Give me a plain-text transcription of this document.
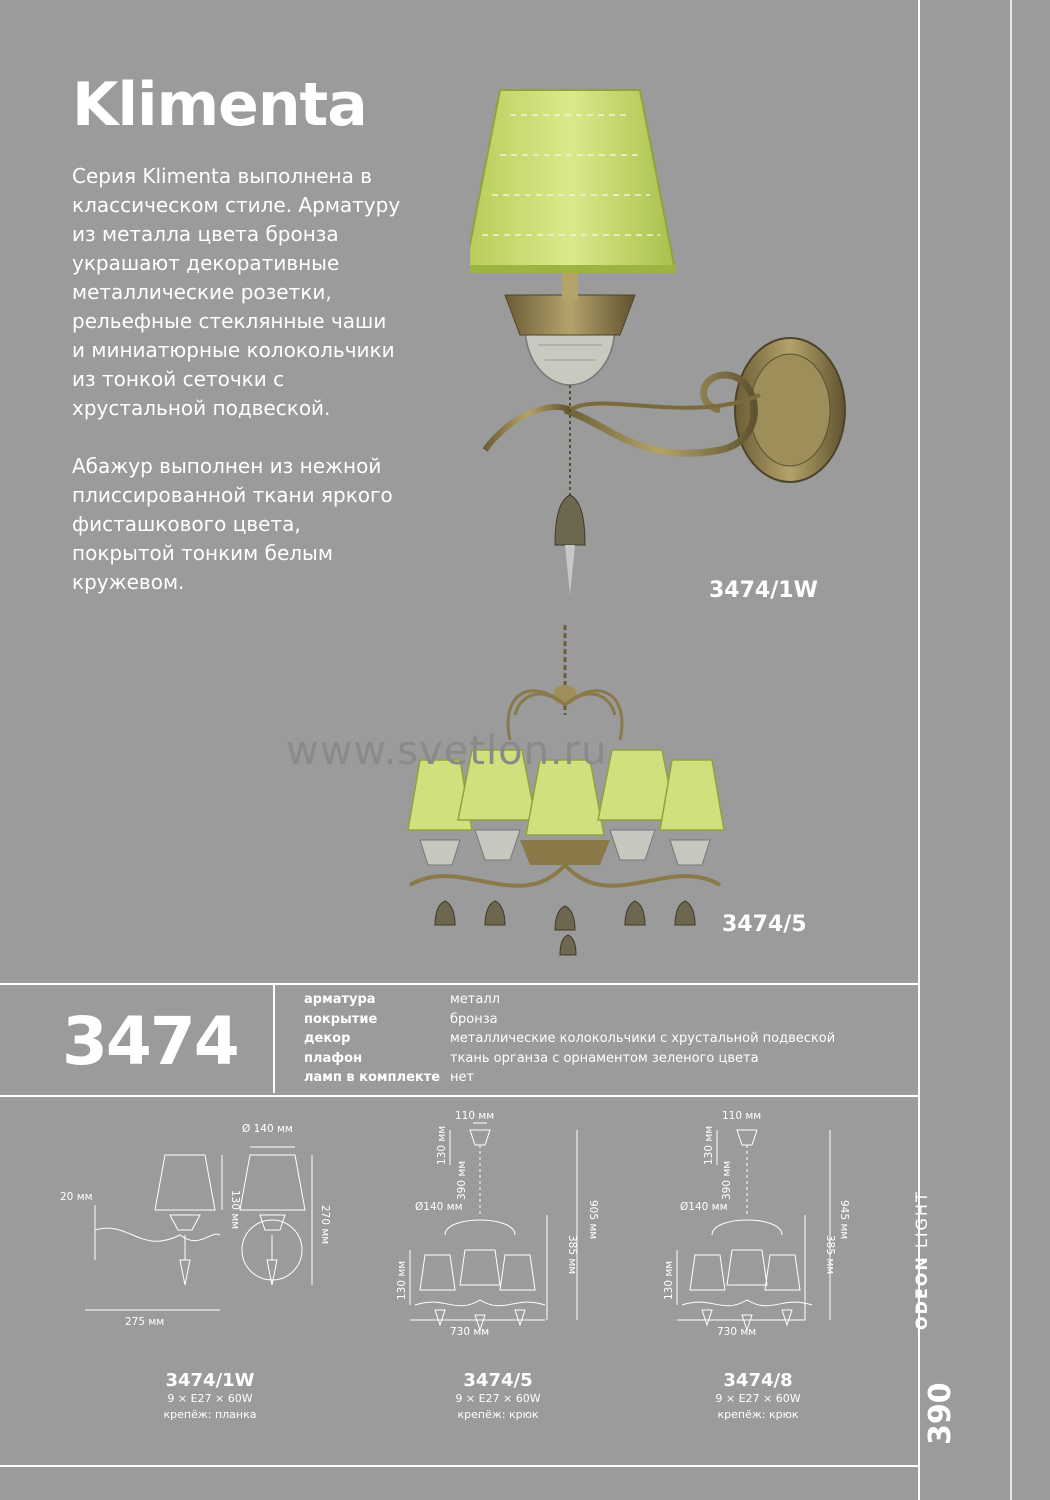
Klimenta

Серия Klimenta выполнена в классическом стиле. Арматуру из металла цвета бронза украшают декоративные металлические розетки, рельефные стеклянные чаши и миниатюрные колокольчики из тонкой сеточки с хрустальной подвеской.

Абажур выполнен из нежной плиссированной ткани яркого фисташкового цвета, покрытой тонким белым кружевом.	3474/1W
www.svetlon.ru
3474/5
3474
арматура	металл
покрытие	бронза
декор	металлические колокольчики с хрустальной подвеской
плафон	ткань органза с орнаментом зеленого цвета
ламп в комплекте нет
Ø 140 мм
20 мм	130 мм	270 мм
275 мм
110 мм
130 мм
390 мм
905 мм
Ø140 мм
130 мм
385 мм
730 мм
110 мм
130 мм
390 мм
945 мм
Ø140 мм
130 мм
385 мм
730 мм
3474/1W
9 × E27 × 60W
крепёж: планка
3474/5
9 × E27 × 60W
крепёж: крюк
3474/8
9 × E27 × 60W
крепёж: крюк
ODEON LIGHT
390
